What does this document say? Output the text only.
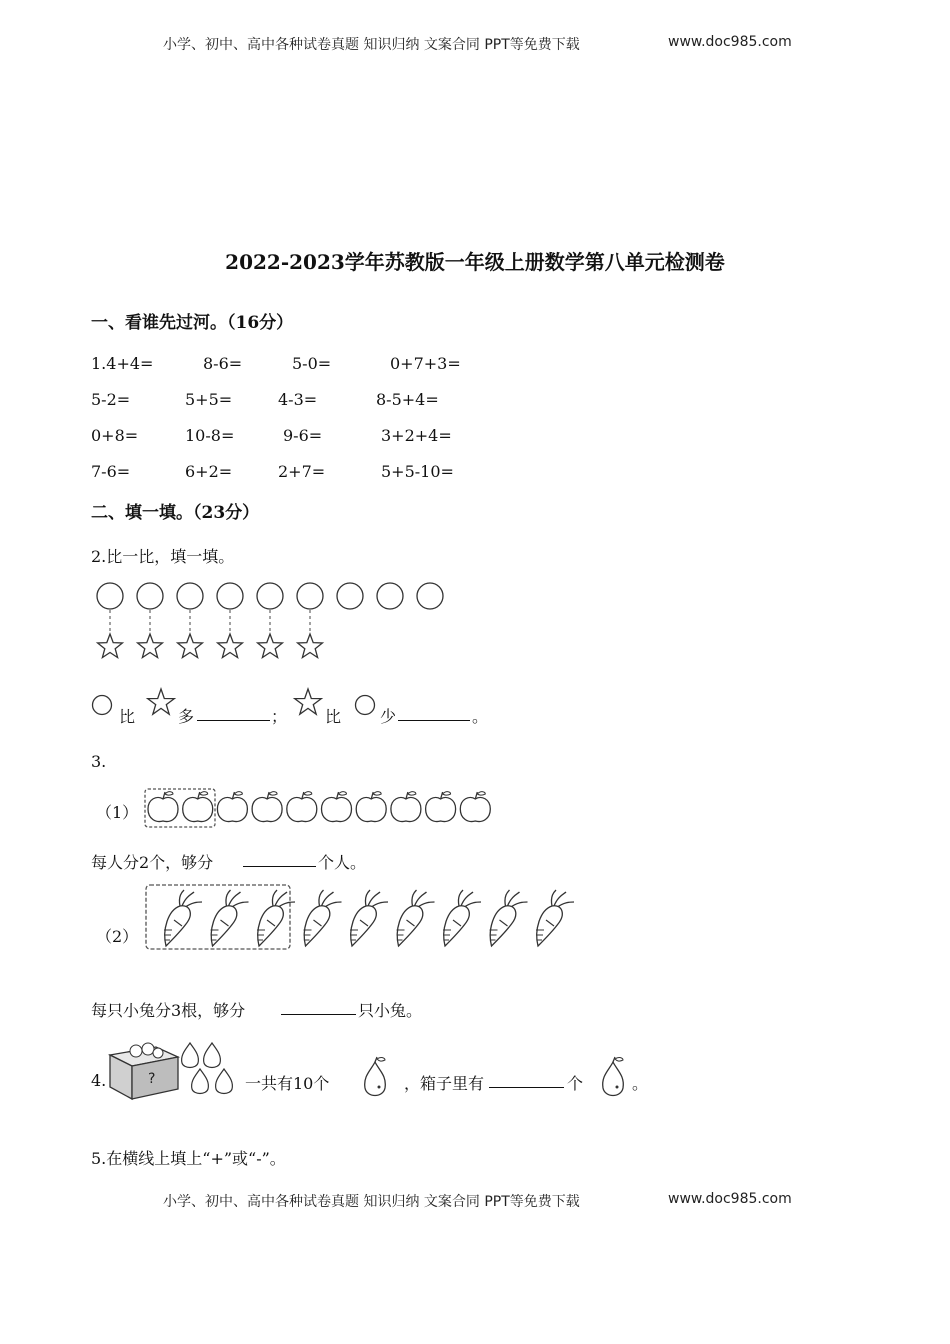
小学、初中、高中各种试卷真题 知识归纳 文案合同 PPT等免费下载	www.doc985.com
2022-2023学年苏教版一年级上册数学第八单元检测卷
一、看谁先过河。（16分）
1.4+4=	8-6=	5-0=	0+7+3=
5-2=	5+5=	4-3=	8-5+4=
0+8=	10-8=	9-6=	3+2+4=
7-6=	6+2=	2+7=	5+5-10=
二、填一填。（23分）
2.比一比，填一填。
比	多	； 比 少	。
3.
（1）
每人分2个，够分	个人。
（2）
每只小兔分3根，够分	只小兔。
4.	?	一共有10个	，箱子里有	个	。
5.在横线上填上“+”或“-”。
小学、初中、高中各种试卷真题 知识归纳 文案合同 PPT等免费下载	www.doc985.com
